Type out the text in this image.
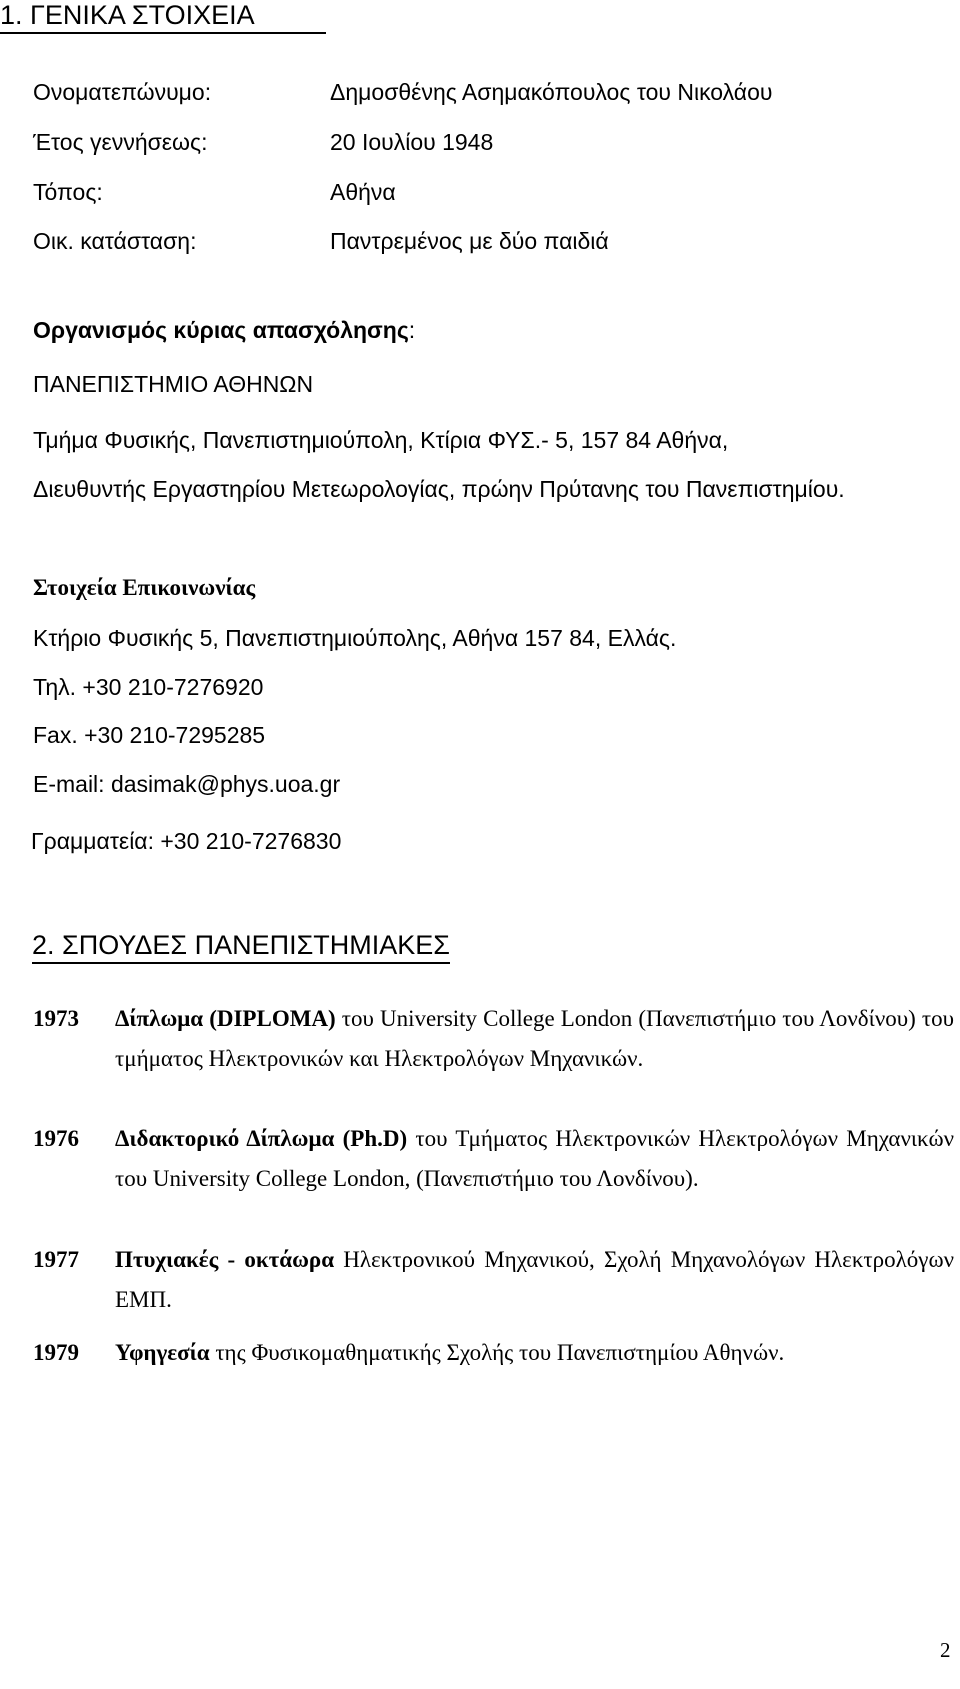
1. ΓΕΝΙΚΑ ΣΤΟΙΧΕΙΑ
Ονοματεπώνυμο:	Δημοσθένης Ασημακόπουλος του Νικολάου
Έτος γεννήσεως:	20 Ιουλίου 1948
Τόπος:	Αθήνα
Οικ. κατάσταση:	Παντρεμένος με δύο παιδιά
Οργανισμός κύριας απασχόλησης:
ΠΑΝΕΠΙΣΤΗΜΙΟ ΑΘΗΝΩΝ
Τμήμα Φυσικής, Πανεπιστημιούπολη, Κτίρια ΦΥΣ.- 5, 157 84 Αθήνα,
Διευθυντής Εργαστηρίου Μετεωρολογίας, πρώην Πρύτανης του Πανεπιστημίου.
Στοιχεία Επικοινωνίας
Κτήριο Φυσικής 5, Πανεπιστημιούπολης, Αθήνα 157 84, Ελλάς.
Τηλ. +30 210-7276920
Fax. +30 210-7295285
E-mail: dasimak@phys.uoa.gr
Γραμματεία: +30 210-7276830
2. ΣΠΟΥΔΕΣ ΠΑΝΕΠΙΣΤΗΜΙΑΚΕΣ
1973	Δίπλωμα (DIPLOMA) του University College London (Πανεπιστήμιο του Λονδίνου) του τμήματος Ηλεκτρονικών και Ηλεκτρολόγων Μηχανικών.
1976	Διδακτορικό Δίπλωμα (Ph.D) του Τμήματος Ηλεκτρονικών Ηλεκτρολόγων Μηχανικών του University College London, (Πανεπιστήμιο του Λονδίνου).
1977	Πτυχιακές - οκτάωρα Ηλεκτρονικού Μηχανικού, Σχολή Μηχανολόγων Ηλεκτρολόγων ΕΜΠ.
1979	Υφηγεσία της Φυσικομαθηματικής Σχολής του Πανεπιστημίου Αθηνών.
2
